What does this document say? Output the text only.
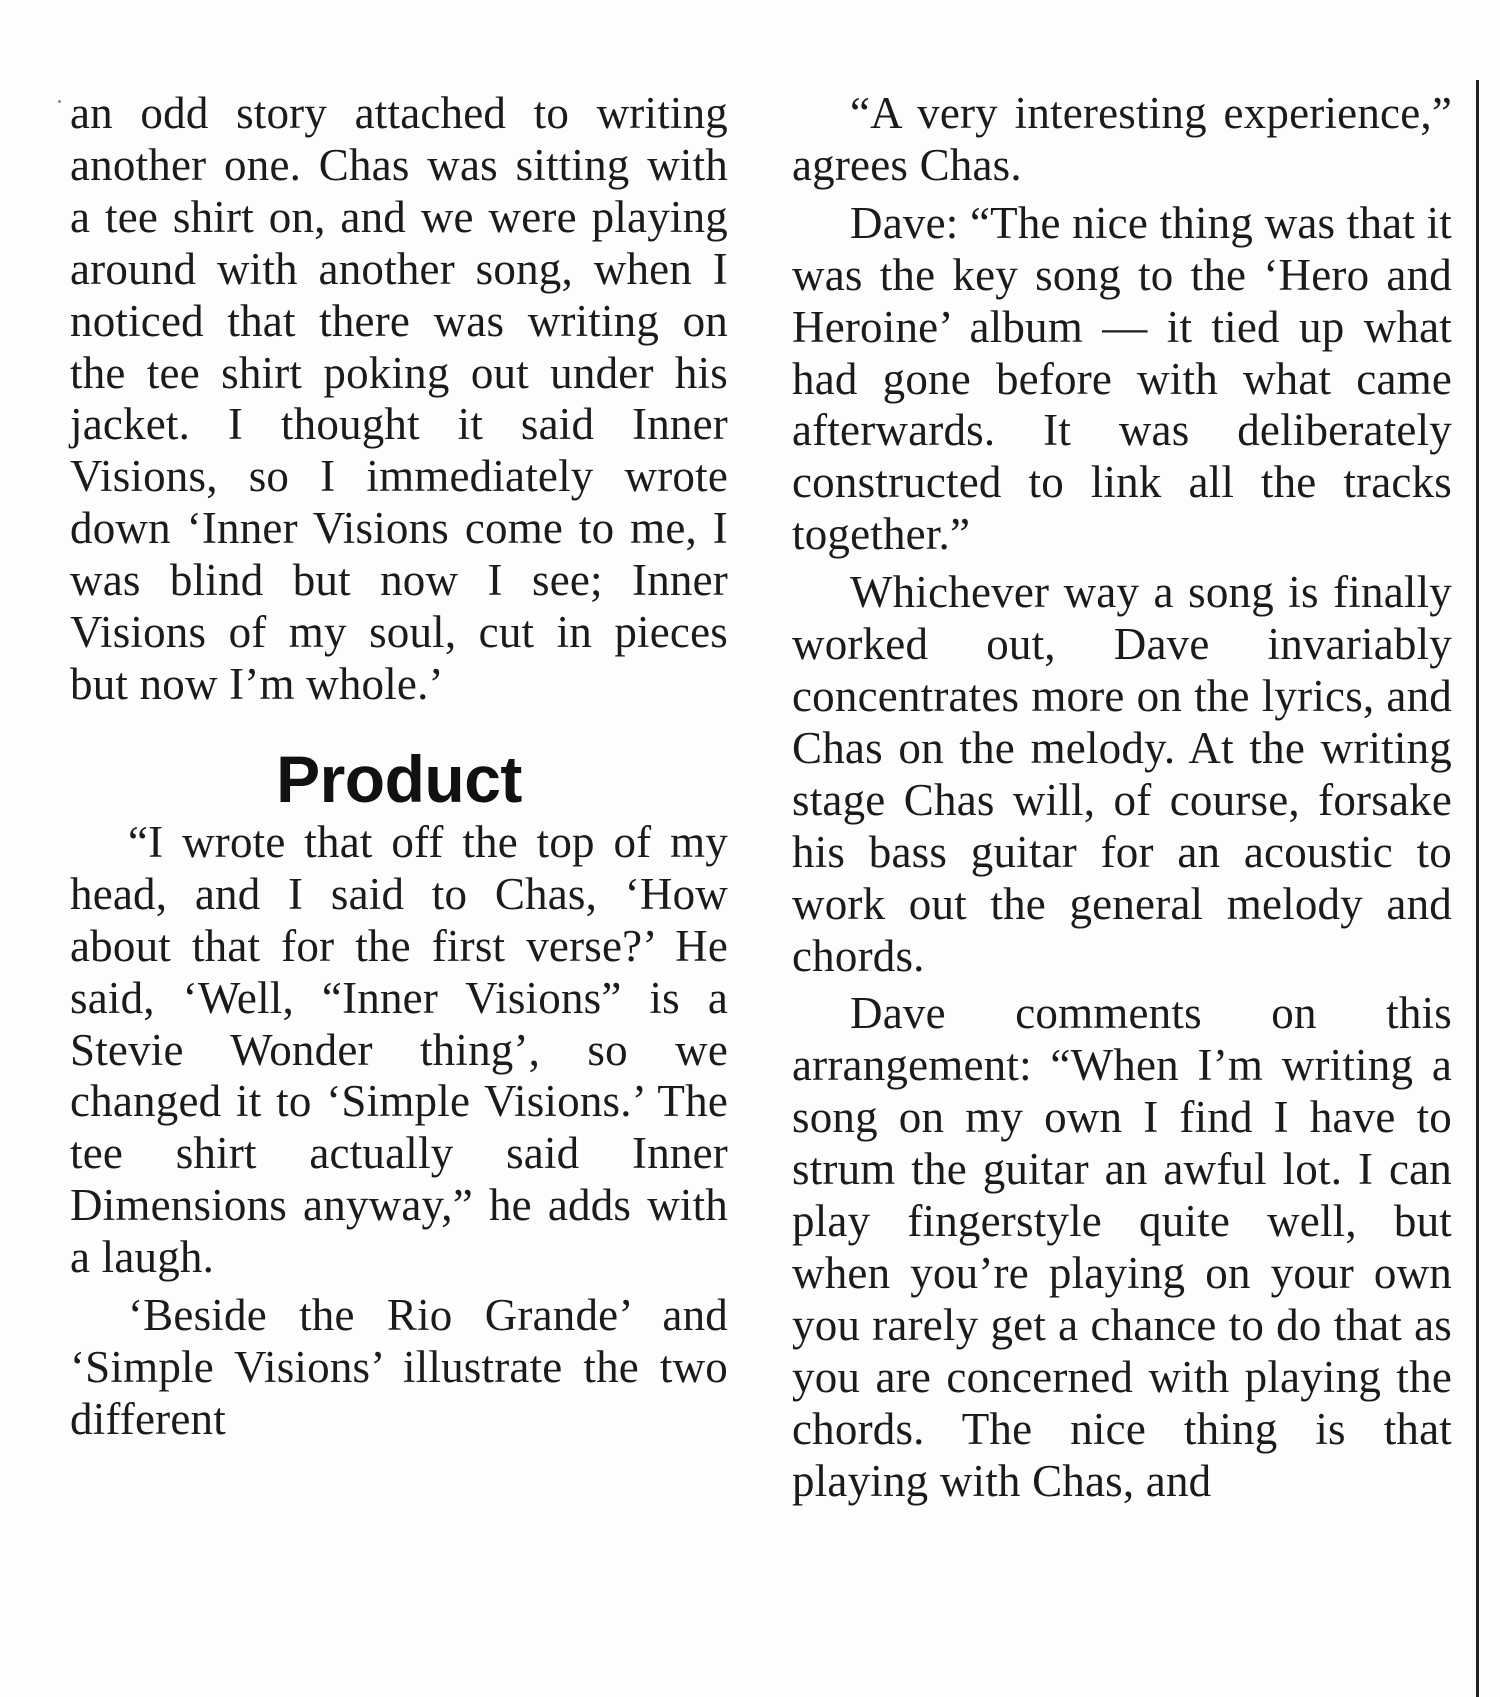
an odd story attached to writing another one. Chas was sitting with a tee shirt on, and we were playing around with another song, when I noticed that there was writing on the tee shirt poking out under his jacket. I thought it said Inner Visions, so I immediately wrote down ‘Inner Visions come to me, I was blind but now I see; Inner Visions of my soul, cut in pieces but now I’m whole.’

Product

“I wrote that off the top of my head, and I said to Chas, ‘How about that for the first verse?’ He said, ‘Well, “Inner Visions” is a Stevie Wonder thing’, so we changed it to ‘Simple Visions.’ The tee shirt actually said Inner Dimensions anyway,” he adds with a laugh.

‘Beside the Rio Grande’ and ‘Simple Visions’ illustrate the two different

“A very interesting experience,” agrees Chas.

Dave: “The nice thing was that it was the key song to the ‘Hero and Heroine’ album — it tied up what had gone before with what came afterwards. It was deliberately constructed to link all the tracks together.”

Whichever way a song is finally worked out, Dave invariably concentrates more on the lyrics, and Chas on the melody. At the writing stage Chas will, of course, forsake his bass guitar for an acoustic to work out the general melody and chords.

Dave comments on this arrangement: “When I’m writing a song on my own I find I have to strum the guitar an awful lot. I can play fingerstyle quite well, but when you’re playing on your own you rarely get a chance to do that as you are concerned with playing the chords. The nice thing is that playing with Chas, and
